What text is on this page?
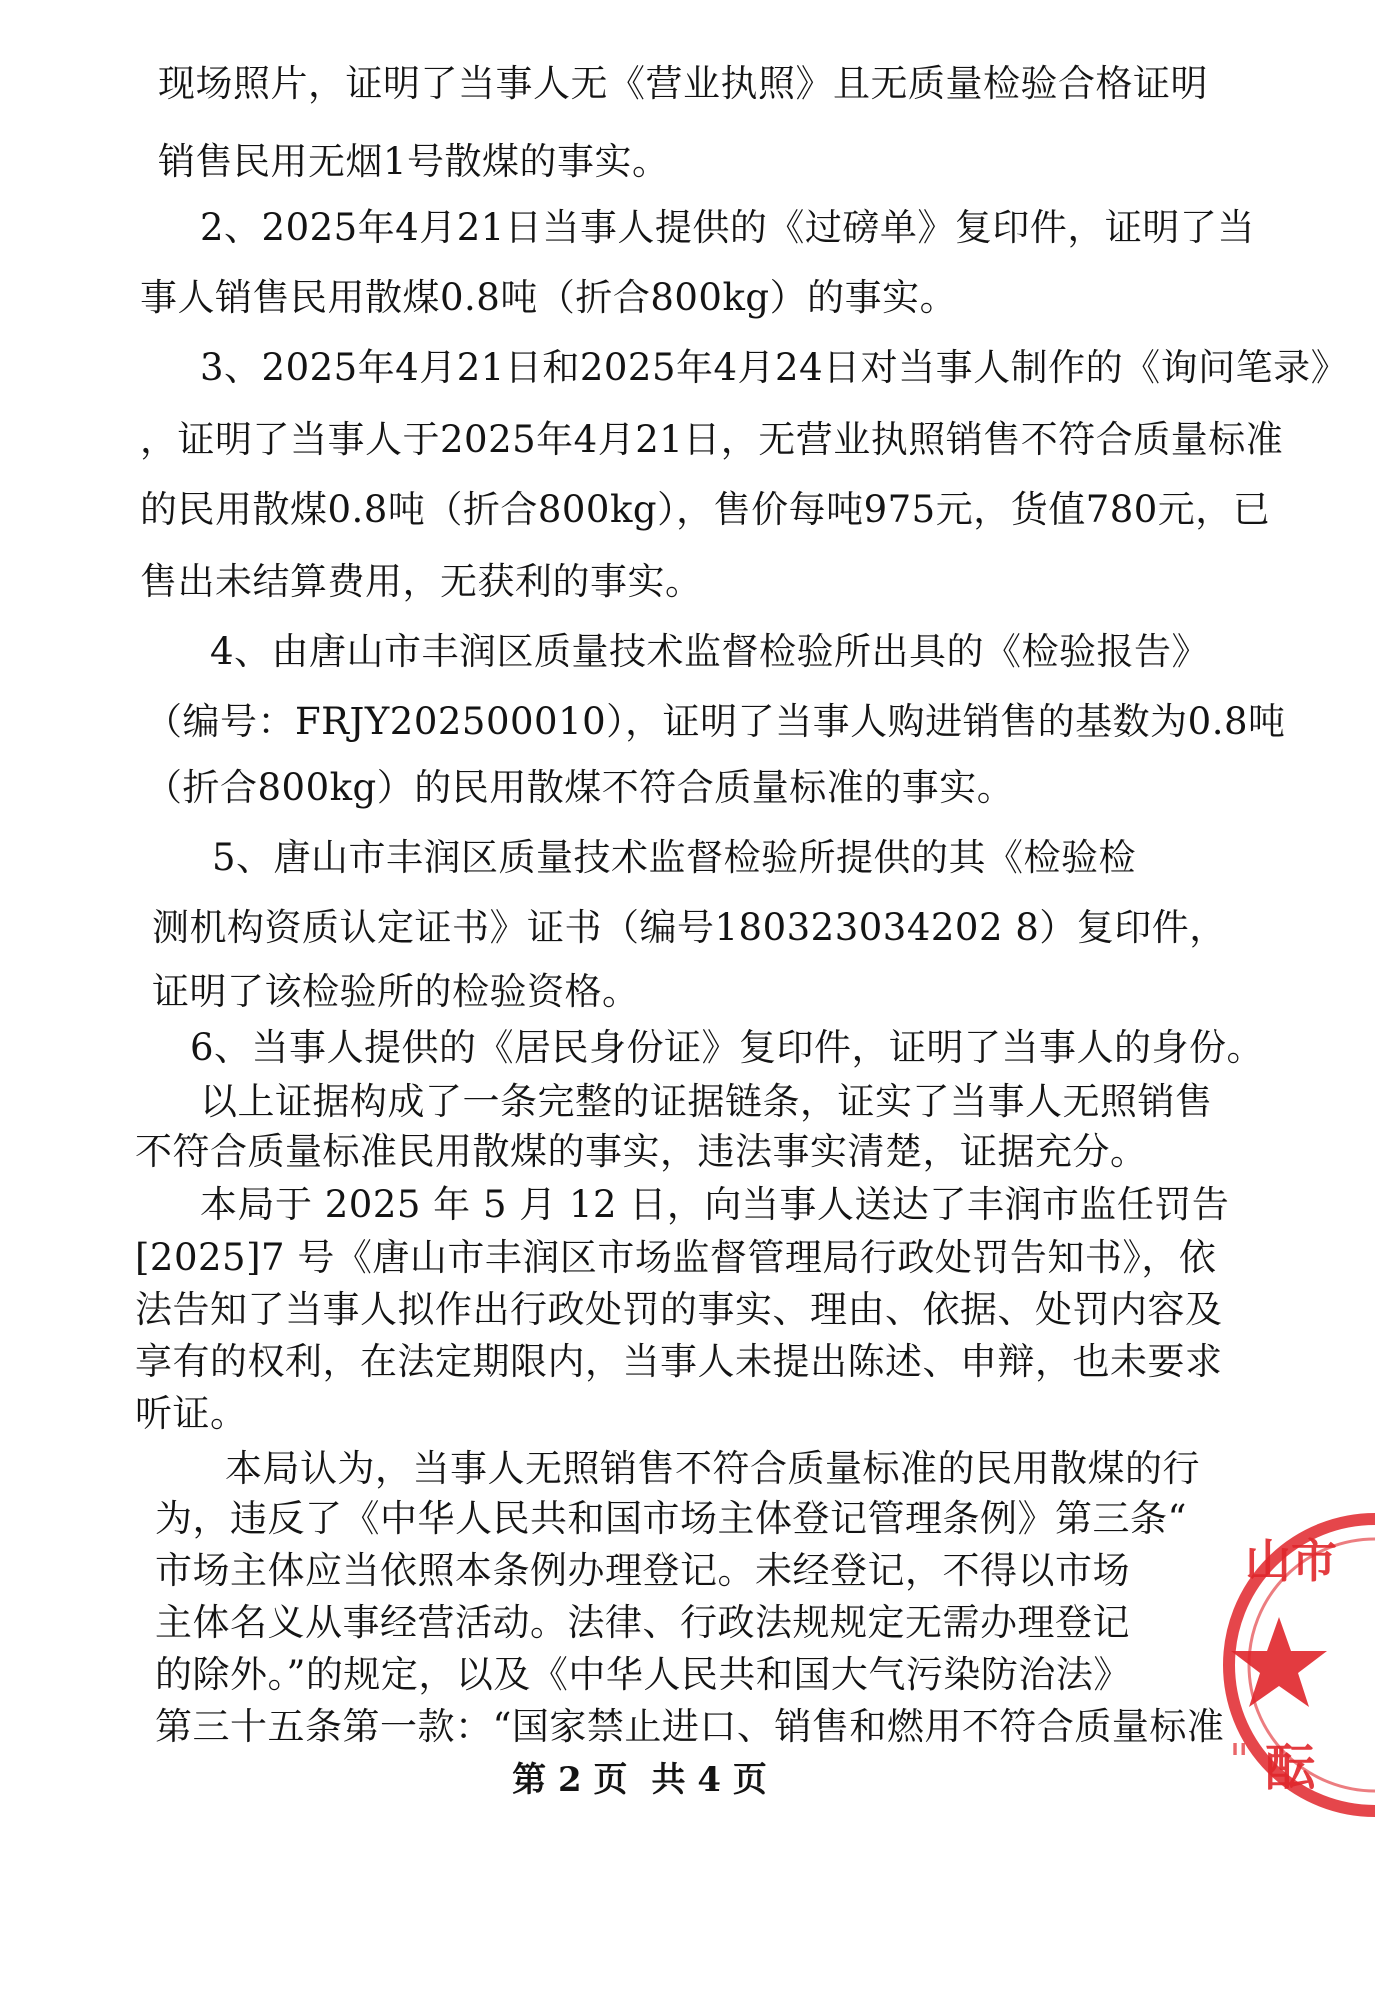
现场照片，证明了当事人无《营业执照》且无质量检验合格证明
销售民用无烟1号散煤的事实。
2、2025年4月21日当事人提供的《过磅单》复印件，证明了当
事人销售民用散煤0.8吨（折合800kg）的事实。
3、2025年4月21日和2025年4月24日对当事人制作的《询问笔录》
，证明了当事人于2025年4月21日，无营业执照销售不符合质量标准
的民用散煤0.8吨（折合800kg），售价每吨975元，货值780元，已
售出未结算费用，无获利的事实。
4、由唐山市丰润区质量技术监督检验所出具的《检验报告》
（编号：FRJY202500010），证明了当事人购进销售的基数为0.8吨
（折合800kg）的民用散煤不符合质量标准的事实。
5、唐山市丰润区质量技术监督检验所提供的其《检验检
测机构资质认定证书》证书（编号180323034202 8）复印件，
证明了该检验所的检验资格。
6、当事人提供的《居民身份证》复印件，证明了当事人的身份。
以上证据构成了一条完整的证据链条，证实了当事人无照销售
不符合质量标准民用散煤的事实，违法事实清楚，证据充分。
本局于 2025 年 5 月 12 日，向当事人送达了丰润市监任罚告
[2025]7 号《唐山市丰润区市场监督管理局行政处罚告知书》，依
法告知了当事人拟作出行政处罚的事实、理由、依据、处罚内容及
享有的权利，在法定期限内，当事人未提出陈述、申辩，也未要求
听证。
本局认为，当事人无照销售不符合质量标准的民用散煤的行
为，违反了《中华人民共和国市场主体登记管理条例》第三条“
市场主体应当依照本条例办理登记。未经登记，不得以市场
主体名义从事经营活动。法律、行政法规规定无需办理登记
的除外。”的规定，以及《中华人民共和国大气污染防治法》
第三十五条第一款：“国家禁止进口、销售和燃用不符合质量标准
第 2 页 共 4 页
山市
酝
"
